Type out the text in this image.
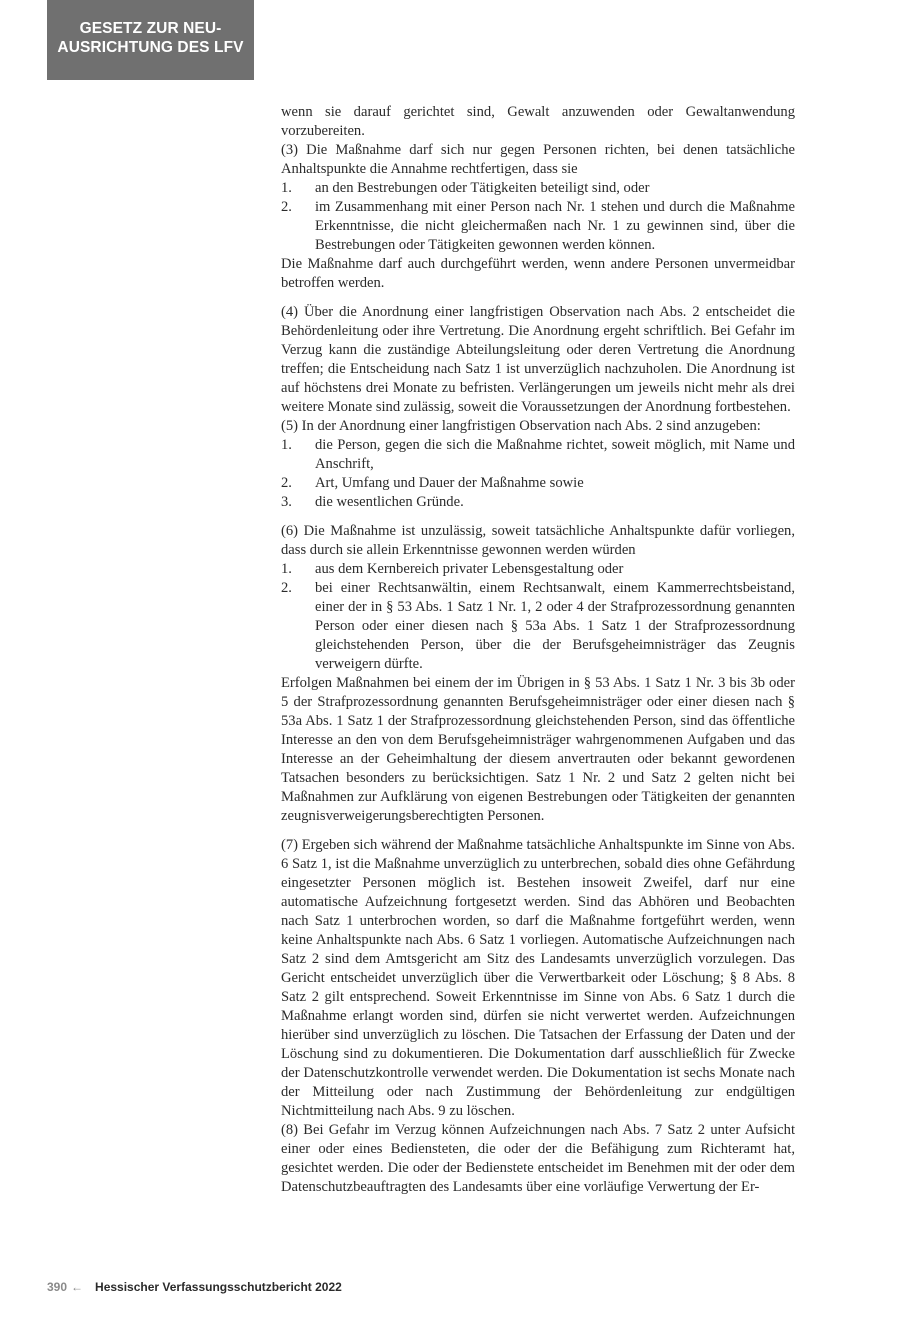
GESETZ ZUR NEU-
AUSRICHTUNG DES LFV

wenn sie darauf gerichtet sind, Gewalt anzuwenden oder Gewaltanwendung vorzubereiten.

(3) Die Maßnahme darf sich nur gegen Personen richten, bei denen tatsächliche Anhaltspunkte die Annahme rechtfertigen, dass sie

1. an den Bestrebungen oder Tätigkeiten beteiligt sind, oder
2. im Zusammenhang mit einer Person nach Nr. 1 stehen und durch die Maßnahme Erkenntnisse, die nicht gleichermaßen nach Nr. 1 zu gewinnen sind, über die Bestrebungen oder Tätigkeiten gewonnen werden können.

Die Maßnahme darf auch durchgeführt werden, wenn andere Personen unvermeidbar betroffen werden.

(4) Über die Anordnung einer langfristigen Observation nach Abs. 2 entscheidet die Behördenleitung oder ihre Vertretung. Die Anordnung ergeht schriftlich. Bei Gefahr im Verzug kann die zuständige Abteilungsleitung oder deren Vertretung die Anordnung treffen; die Entscheidung nach Satz 1 ist unverzüglich nachzuholen. Die Anordnung ist auf höchstens drei Monate zu befristen. Verlängerungen um jeweils nicht mehr als drei weitere Monate sind zulässig, soweit die Voraussetzungen der Anordnung fortbestehen.

(5) In der Anordnung einer langfristigen Observation nach Abs. 2 sind anzugeben:

1. die Person, gegen die sich die Maßnahme richtet, soweit möglich, mit Name und Anschrift,
2. Art, Umfang und Dauer der Maßnahme sowie
3. die wesentlichen Gründe.

(6) Die Maßnahme ist unzulässig, soweit tatsächliche Anhaltspunkte dafür vorliegen, dass durch sie allein Erkenntnisse gewonnen werden würden

1. aus dem Kernbereich privater Lebensgestaltung oder
2. bei einer Rechtsanwältin, einem Rechtsanwalt, einem Kammerrechtsbeistand, einer der in § 53 Abs. 1 Satz 1 Nr. 1, 2 oder 4 der Strafprozessordnung genannten Person oder einer diesen nach § 53a Abs. 1 Satz 1 der Strafprozessordnung gleichstehenden Person, über die der Berufsgeheimnisträger das Zeugnis verweigern dürfte.

Erfolgen Maßnahmen bei einem der im Übrigen in § 53 Abs. 1 Satz 1 Nr. 3 bis 3b oder 5 der Strafprozessordnung genannten Berufsgeheimnisträger oder einer diesen nach § 53a Abs. 1 Satz 1 der Strafprozessordnung gleichstehenden Person, sind das öffentliche Interesse an den von dem Berufsgeheimnisträger wahrgenommenen Aufgaben und das Interesse an der Geheimhaltung der diesem anvertrauten oder bekannt gewordenen Tatsachen besonders zu berücksichtigen. Satz 1 Nr. 2 und Satz 2 gelten nicht bei Maßnahmen zur Aufklärung von eigenen Bestrebungen oder Tätigkeiten der genannten zeugnisverweigerungsberechtigten Personen.

(7) Ergeben sich während der Maßnahme tatsächliche Anhaltspunkte im Sinne von Abs. 6 Satz 1, ist die Maßnahme unverzüglich zu unterbrechen, sobald dies ohne Gefährdung eingesetzter Personen möglich ist. Bestehen insoweit Zweifel, darf nur eine automatische Aufzeichnung fortgesetzt werden. Sind das Abhören und Beobachten nach Satz 1 unterbrochen worden, so darf die Maßnahme fortgeführt werden, wenn keine Anhaltspunkte nach Abs. 6 Satz 1 vorliegen. Automatische Aufzeichnungen nach Satz 2 sind dem Amtsgericht am Sitz des Landesamts unverzüglich vorzulegen. Das Gericht entscheidet unverzüglich über die Verwertbarkeit oder Löschung; § 8 Abs. 8 Satz 2 gilt entsprechend. Soweit Erkenntnisse im Sinne von Abs. 6 Satz 1 durch die Maßnahme erlangt worden sind, dürfen sie nicht verwertet werden. Aufzeichnungen hierüber sind unverzüglich zu löschen. Die Tatsachen der Erfassung der Daten und der Löschung sind zu dokumentieren. Die Dokumentation darf ausschließlich für Zwecke der Datenschutzkontrolle verwendet werden. Die Dokumentation ist sechs Monate nach der Mitteilung oder nach Zustimmung der Behördenleitung zur endgültigen Nichtmitteilung nach Abs. 9 zu löschen.

(8) Bei Gefahr im Verzug können Aufzeichnungen nach Abs. 7 Satz 2 unter Aufsicht einer oder eines Bediensteten, die oder der die Befähigung zum Richteramt hat, gesichtet werden. Die oder der Bedienstete entscheidet im Benehmen mit der oder dem Datenschutzbeauftragten des Landesamts über eine vorläufige Verwertung der Er-

390 ← Hessischer Verfassungsschutzbericht 2022
